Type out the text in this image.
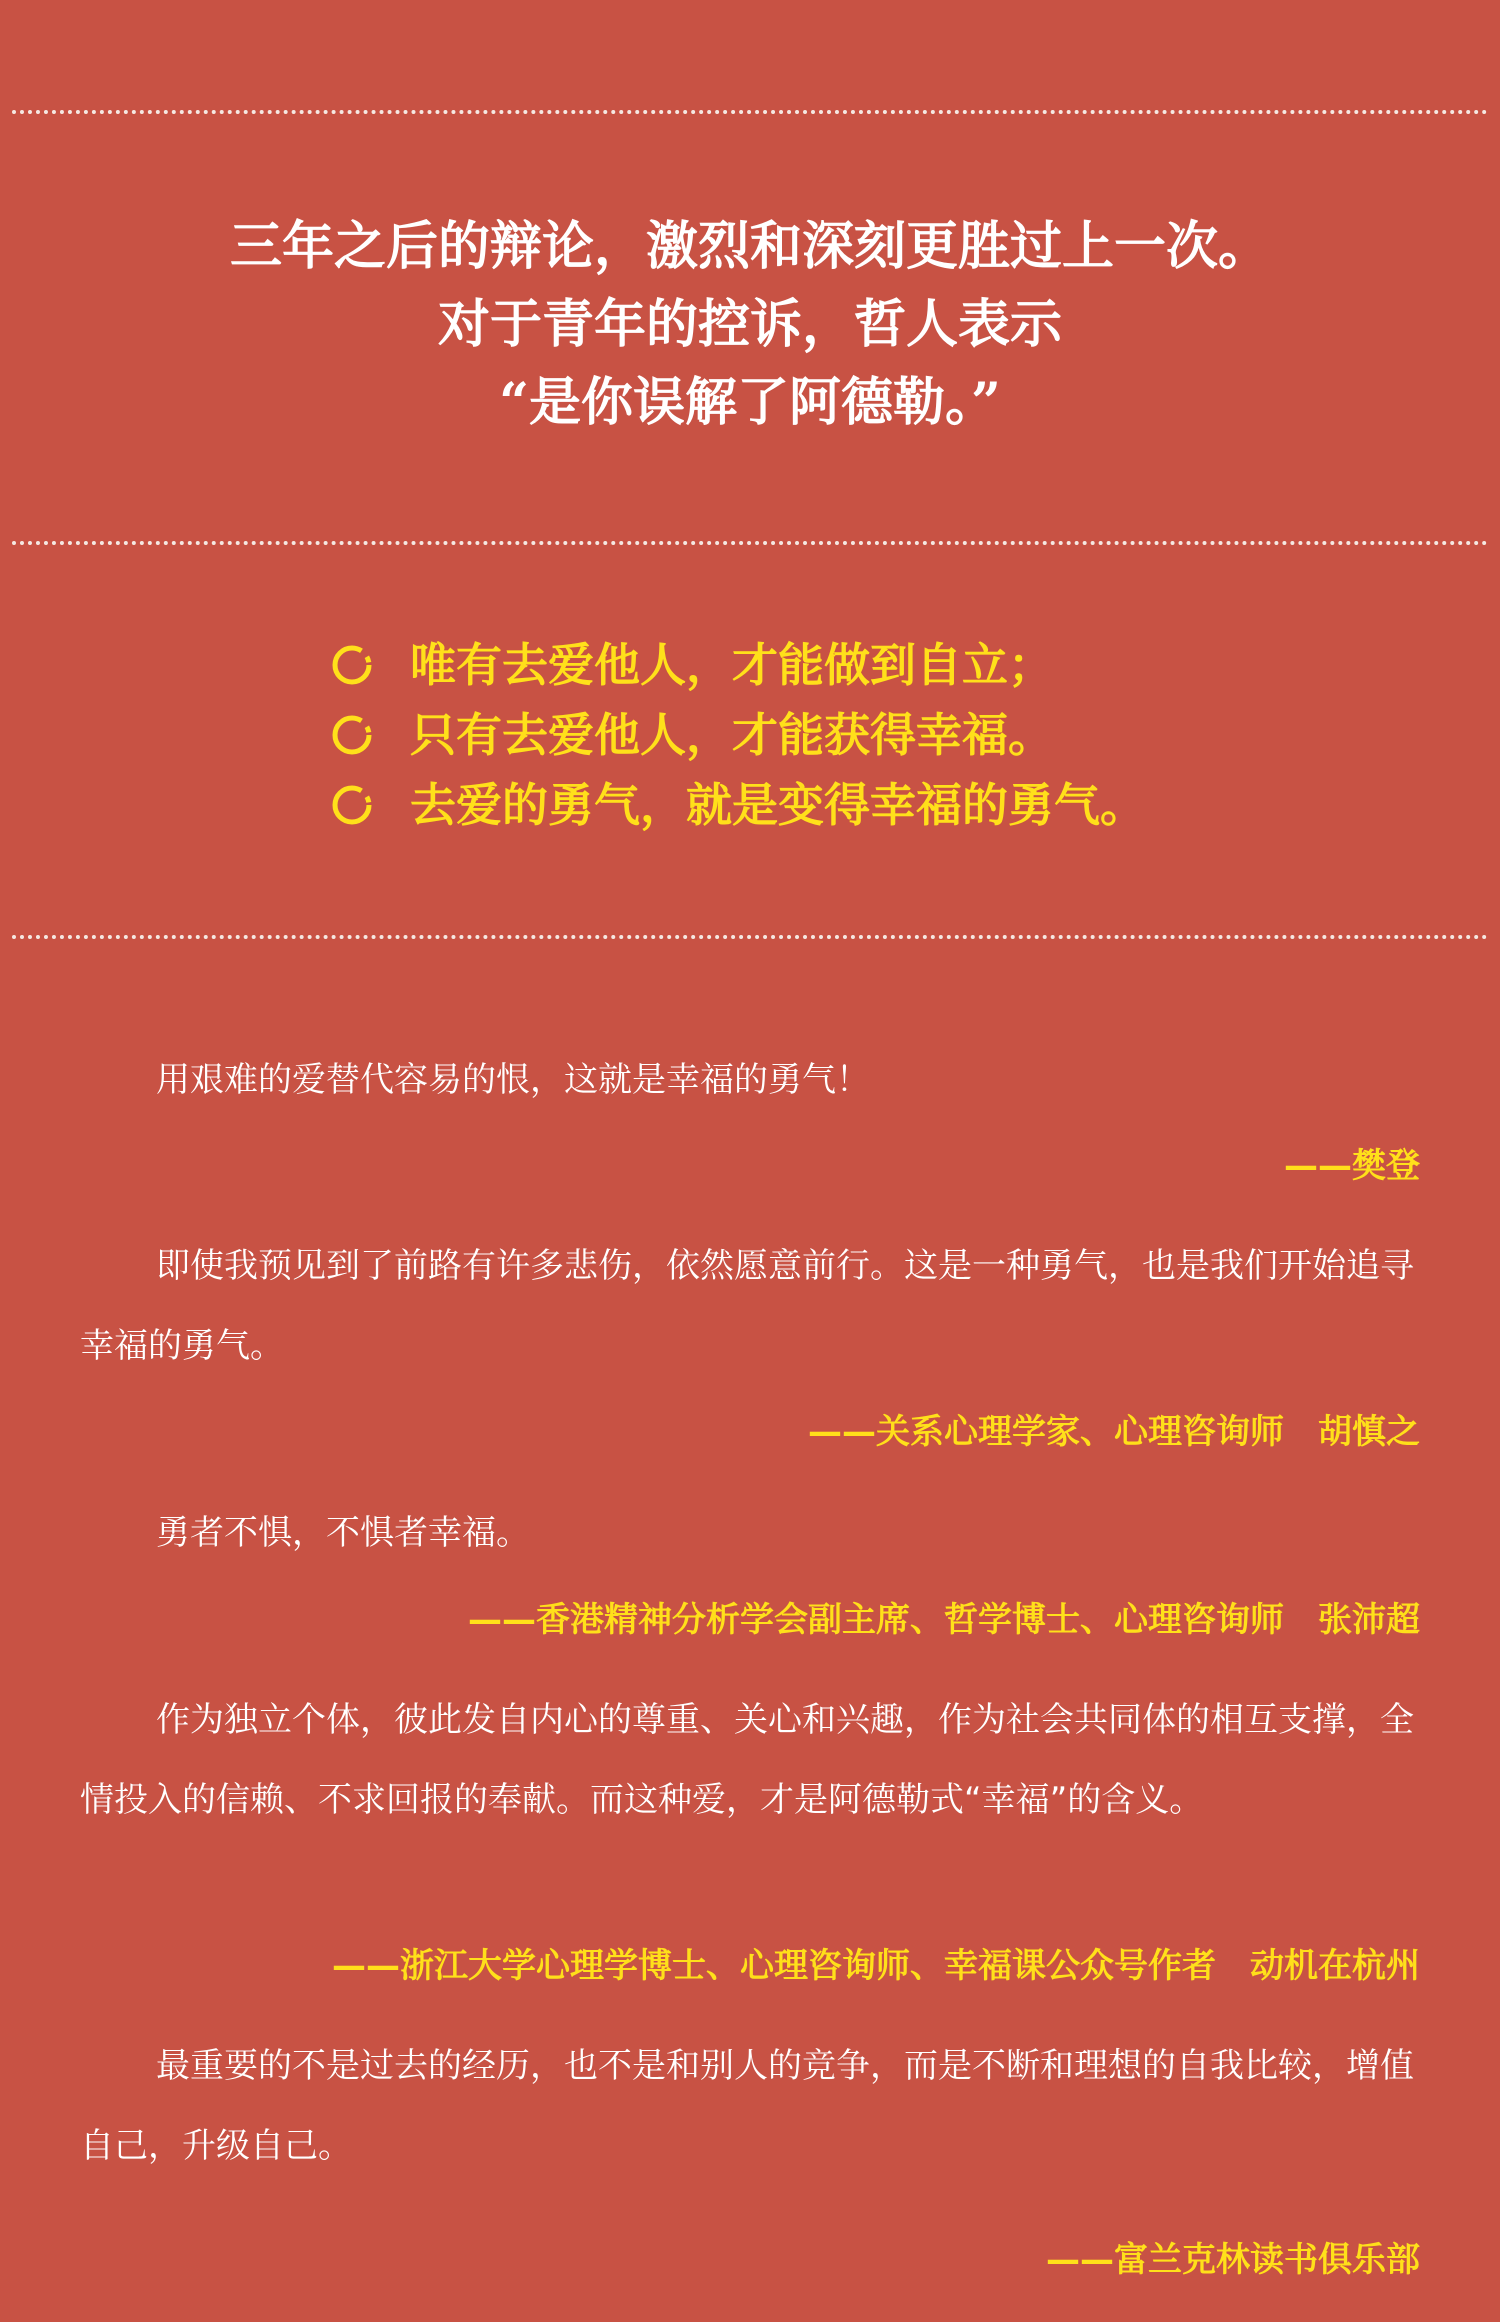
三年之后的辩论，激烈和深刻更胜过上一次。
对于青年的控诉，哲人表示
“是你误解了阿德勒。”
唯有去爱他人，才能做到自立；
只有去爱他人，才能获得幸福。
去爱的勇气，就是变得幸福的勇气。
用艰难的爱替代容易的恨，这就是幸福的勇气！
——樊登
即使我预见到了前路有许多悲伤，依然愿意前行。这是一种勇气，也是我们开始追寻幸福的勇气。
——关系心理学家、心理咨询师　胡慎之
勇者不惧，不惧者幸福。
——香港精神分析学会副主席、哲学博士、心理咨询师　张沛超
作为独立个体，彼此发自内心的尊重、关心和兴趣，作为社会共同体的相互支撑，全情投入的信赖、不求回报的奉献。而这种爱，才是阿德勒式“幸福”的含义。
——浙江大学心理学博士、心理咨询师、幸福课公众号作者　动机在杭州
最重要的不是过去的经历，也不是和别人的竞争，而是不断和理想的自我比较，增值自己，升级自己。
——富兰克林读书俱乐部
